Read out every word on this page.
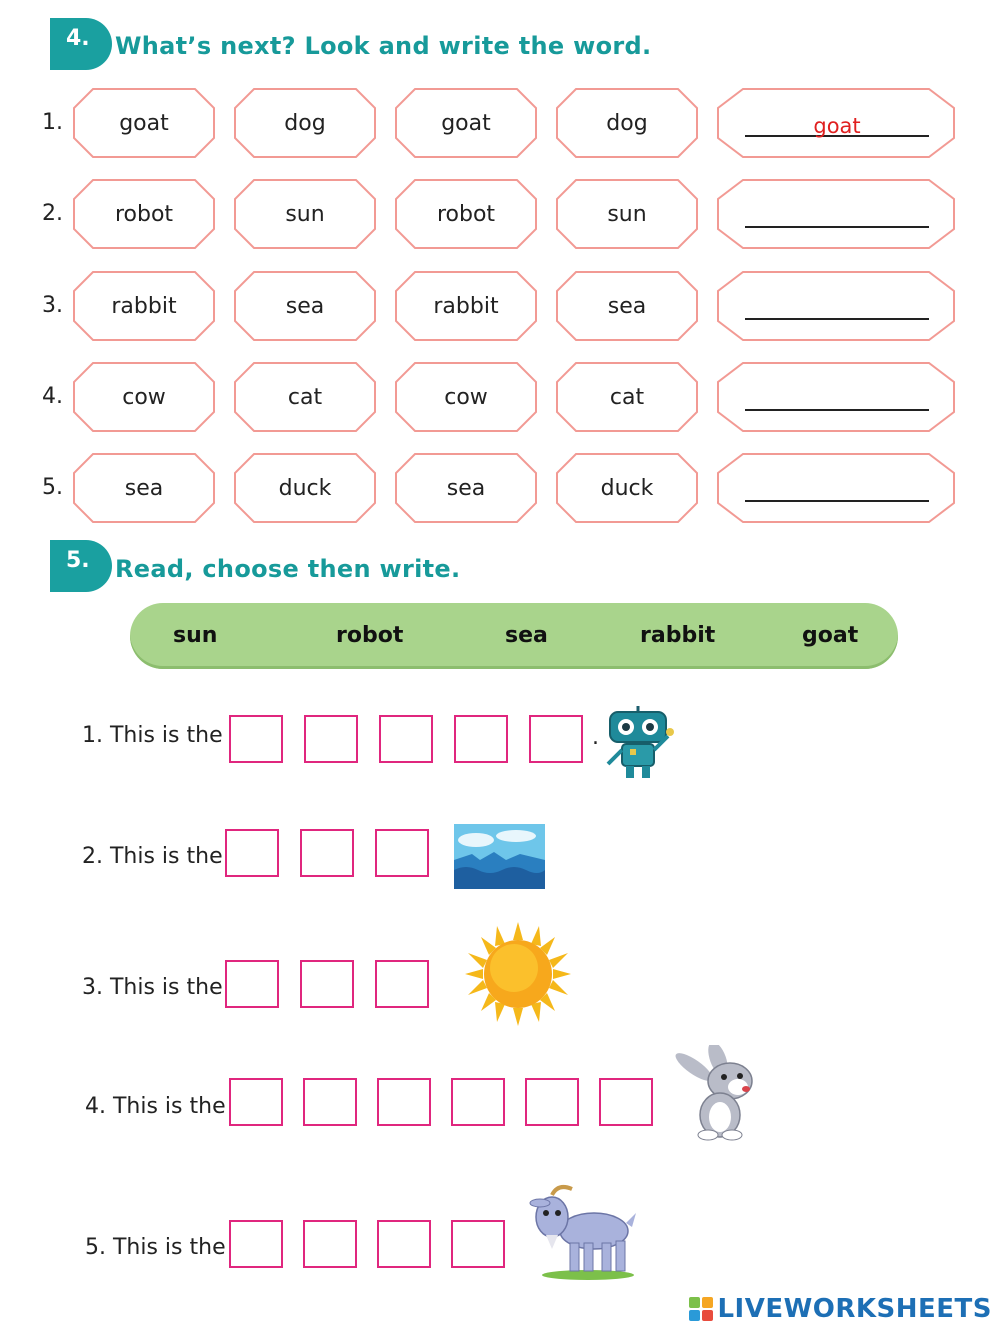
4.	What’s next? Look and write the word.
1.	goat	dog	goat	dog	goat
2.	robot	sun	robot	sun
3.	rabbit	sea	rabbit	sea
4.	cow	cat	cow	cat
5.	sea	duck	sea	duck
5.	Read, choose then write.
sun	robot	sea	rabbit	goat
1. This is the	.
2. This is the
3. This is the
4. This is the
5. This is the
LIVEWORKSHEETS
